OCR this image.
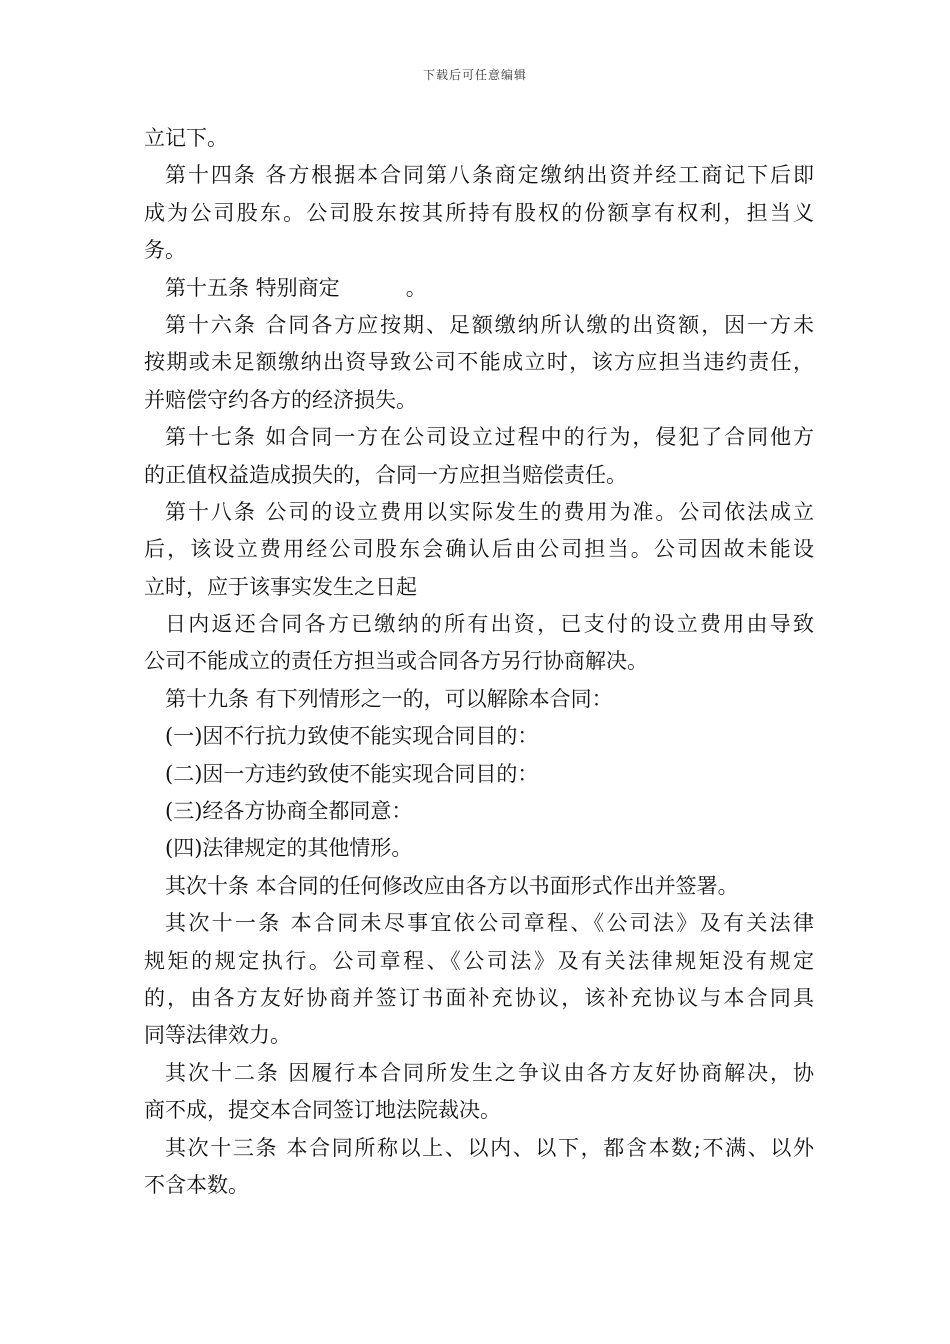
下载后可任意编辑
立记下。
第十四条 各方根据本合同第八条商定缴纳出资并经工商记下后即
成为公司股东。公司股东按其所持有股权的份额享有权利，担当义
务。
第十五条 特别商定	。
第十六条 合同各方应按期、足额缴纳所认缴的出资额，因一方未
按期或未足额缴纳出资导致公司不能成立时，该方应担当违约责任，
并赔偿守约各方的经济损失。
第十七条 如合同一方在公司设立过程中的行为，侵犯了合同他方
的正值权益造成损失的，合同一方应担当赔偿责任。
第十八条 公司的设立费用以实际发生的费用为准。公司依法成立
后，该设立费用经公司股东会确认后由公司担当。公司因故未能设
立时，应于该事实发生之日起
日内返还合同各方已缴纳的所有出资，已支付的设立费用由导致
公司不能成立的责任方担当或合同各方另行协商解决。
第十九条 有下列情形之一的，可以解除本合同：
(一)因不行抗力致使不能实现合同目的：
(二)因一方违约致使不能实现合同目的：
(三)经各方协商全都同意：
(四)法律规定的其他情形。
其次十条 本合同的任何修改应由各方以书面形式作出并签署。
其次十一条 本合同未尽事宜依公司章程、《公司法》及有关法律
规矩的规定执行。公司章程、《公司法》及有关法律规矩没有规定
的，由各方友好协商并签订书面补充协议，该补充协议与本合同具
同等法律效力。
其次十二条 因履行本合同所发生之争议由各方友好协商解决，协
商不成，提交本合同签订地法院裁决。
其次十三条 本合同所称以上、以内、以下，都含本数;不满、以外
不含本数。
